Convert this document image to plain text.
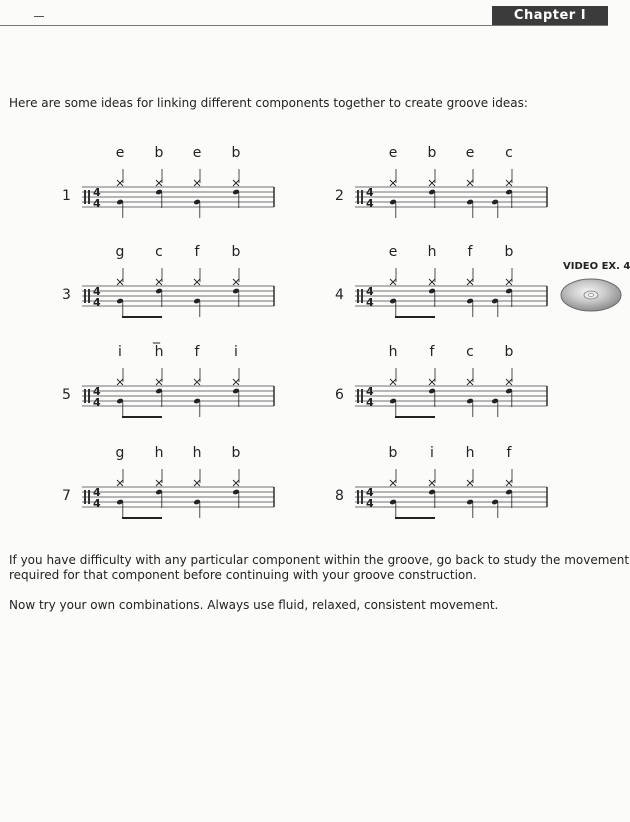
Chapter I
Here are some ideas for linking different components together to create groove ideas:
1
e	b	e	b
4
4	2
e	b	e	c
4
4
3
g	c	f	b
4
4	4
e	h	f	b
4
4
5
i	h̅	f	i
4
4	6
h	f	c	b
4
4
7
g	h	h	b
4
4	8
b	i	h	f
4
4
VIDEO EX. 4
If you have difficulty with any particular component within the groove, go back to study the movement
required for that component before continuing with your groove construction.
Now try your own combinations. Always use fluid, relaxed, consistent movement.
